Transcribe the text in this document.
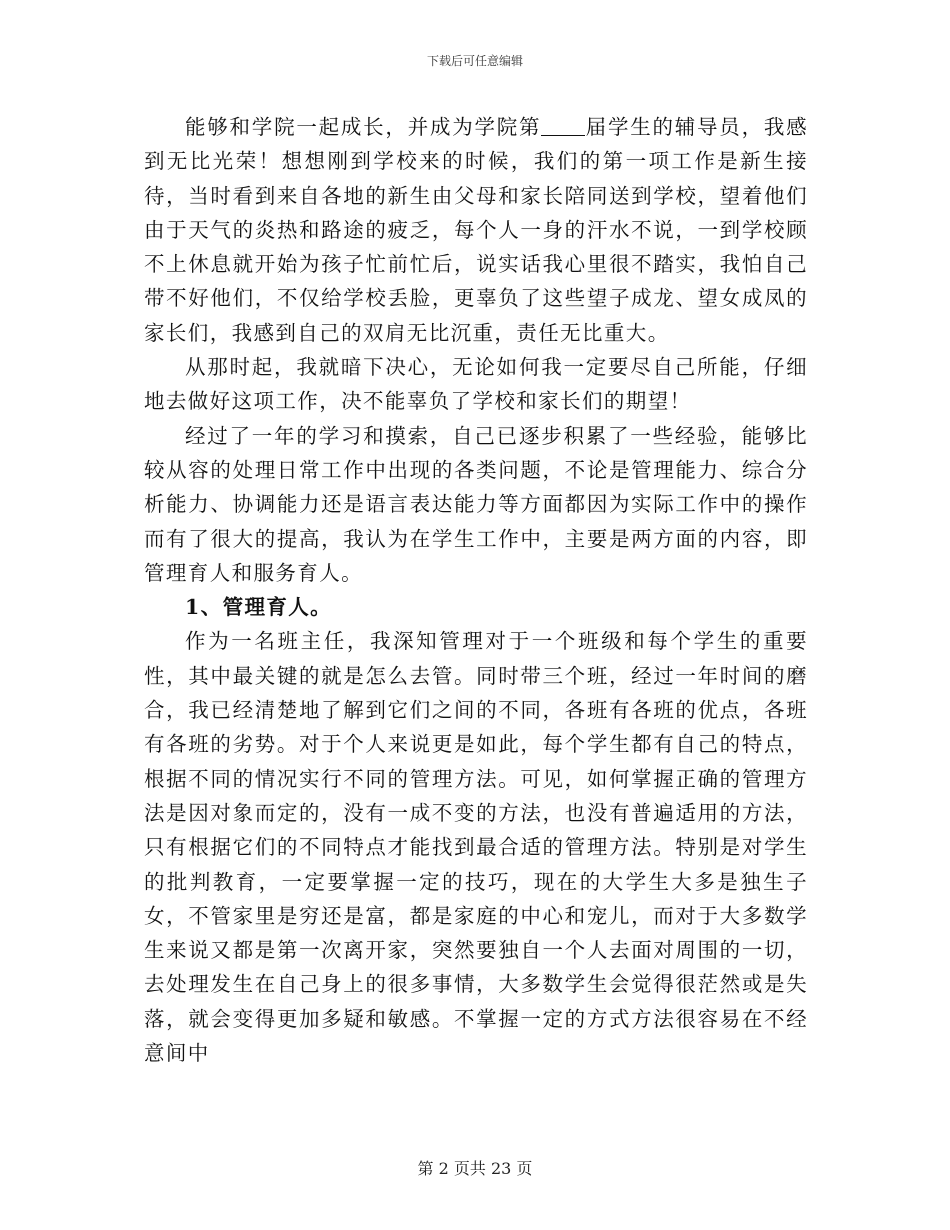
下载后可任意编辑

能够和学院一起成长，并成为学院第 届学生的辅导员，我感到无比光荣！想想刚到学校来的时候，我们的第一项工作是新生接待，当时看到来自各地的新生由父母和家长陪同送到学校，望着他们由于天气的炎热和路途的疲乏，每个人一身的汗水不说，一到学校顾不上休息就开始为孩子忙前忙后，说实话我心里很不踏实，我怕自己带不好他们，不仅给学校丢脸，更辜负了这些望子成龙、望女成凤的家长们，我感到自己的双肩无比沉重，责任无比重大。

从那时起，我就暗下决心，无论如何我一定要尽自己所能，仔细地去做好这项工作，决不能辜负了学校和家长们的期望！

经过了一年的学习和摸索，自己已逐步积累了一些经验，能够比较从容的处理日常工作中出现的各类问题，不论是管理能力、综合分析能力、协调能力还是语言表达能力等方面都因为实际工作中的操作而有了很大的提高，我认为在学生工作中，主要是两方面的内容，即管理育人和服务育人。

1、管理育人。

作为一名班主任，我深知管理对于一个班级和每个学生的重要性，其中最关键的就是怎么去管。同时带三个班，经过一年时间的磨合，我已经清楚地了解到它们之间的不同，各班有各班的优点，各班有各班的劣势。对于个人来说更是如此，每个学生都有自己的特点，根据不同的情况实行不同的管理方法。可见，如何掌握正确的管理方法是因对象而定的，没有一成不变的方法，也没有普遍适用的方法，只有根据它们的不同特点才能找到最合适的管理方法。特别是对学生的批判教育，一定要掌握一定的技巧，现在的大学生大多是独生子女，不管家里是穷还是富，都是家庭的中心和宠儿，而对于大多数学生来说又都是第一次离开家，突然要独自一个人去面对周围的一切，去处理发生在自己身上的很多事情，大多数学生会觉得很茫然或是失落，就会变得更加多疑和敏感。不掌握一定的方式方法很容易在不经意间中

第 2 页共 23 页
